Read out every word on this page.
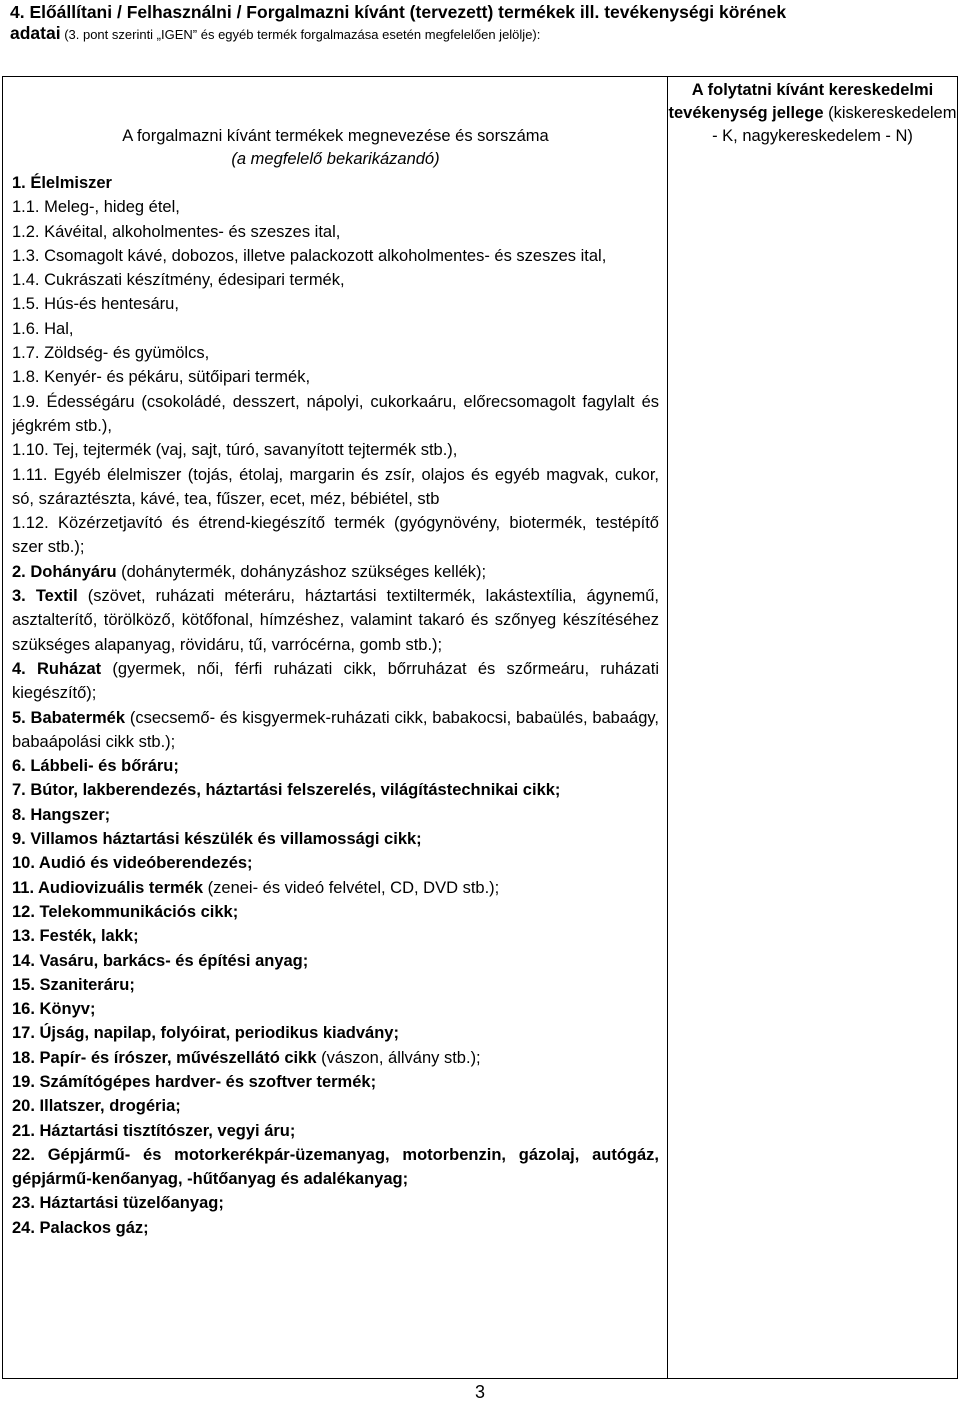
4. Előállítani / Felhasználni / Forgalmazni kívánt (tervezett) termékek ill. tevékenységi körének
adatai (3. pont szerinti „IGEN” és egyéb termék forgalmazása esetén megfelelően jelölje):
A forgalmazni kívánt termékek megnevezése és sorszáma
(a megfelelő bekarikázandó)
1. Élelmiszer
1.1. Meleg-, hideg étel,
1.2. Kávéital, alkoholmentes- és szeszes ital,
1.3. Csomagolt kávé, dobozos, illetve palackozott alkoholmentes- és szeszes ital,
1.4. Cukrászati készítmény, édesipari termék,
1.5. Hús-és hentesáru,
1.6. Hal,
1.7. Zöldség- és gyümölcs,
1.8. Kenyér- és pékáru, sütőipari termék,
1.9. Édességáru (csokoládé, desszert, nápolyi, cukorkaáru, előrecsomagolt fagylalt és jégkrém stb.),
1.10. Tej, tejtermék (vaj, sajt, túró, savanyított tejtermék stb.),
1.11. Egyéb élelmiszer (tojás, étolaj, margarin és zsír, olajos és egyéb magvak, cukor, só, száraztészta, kávé, tea, fűszer, ecet, méz, bébiétel, stb
1.12. Közérzetjavító és étrend-kiegészítő termék (gyógynövény, biotermék, testépítő szer stb.);
2. Dohányáru (dohánytermék, dohányzáshoz szükséges kellék);
3. Textil (szövet, ruházati méteráru, háztartási textiltermék, lakástextília, ágynemű, asztalterítő, törölköző, kötőfonal, hímzéshez, valamint takaró és szőnyeg készítéséhez szükséges alapanyag, rövidáru, tű, varrócérna, gomb stb.);
4. Ruházat (gyermek, női, férfi ruházati cikk, bőrruházat és szőrmeáru, ruházati kiegészítő);
5. Babatermék (csecsemő- és kisgyermek-ruházati cikk, babakocsi, babaülés, babaágy, babaápolási cikk stb.);
6. Lábbeli- és bőráru;
7. Bútor, lakberendezés, háztartási felszerelés, világítástechnikai cikk;
8. Hangszer;
9. Villamos háztartási készülék és villamossági cikk;
10. Audió és videóberendezés;
11. Audiovizuális termék (zenei- és videó felvétel, CD, DVD stb.);
12. Telekommunikációs cikk;
13. Festék, lakk;
14. Vasáru, barkács- és építési anyag;
15. Szaniteráru;
16. Könyv;
17. Újság, napilap, folyóirat, periodikus kiadvány;
18. Papír- és írószer, művészellátó cikk (vászon, állvány stb.);
19. Számítógépes hardver- és szoftver termék;
20. Illatszer, drogéria;
21. Háztartási tisztítószer, vegyi áru;
22. Gépjármű- és motorkerékpár-üzemanyag, motorbenzin, gázolaj, autógáz, gépjármű-kenőanyag, -hűtőanyag és adalékanyag;
23. Háztartási tüzelőanyag;
24. Palackos gáz;

A folytatni kívánt kereskedelmi tevékenység jellege (kiskereskedelem - K, nagykereskedelem - N)
3
